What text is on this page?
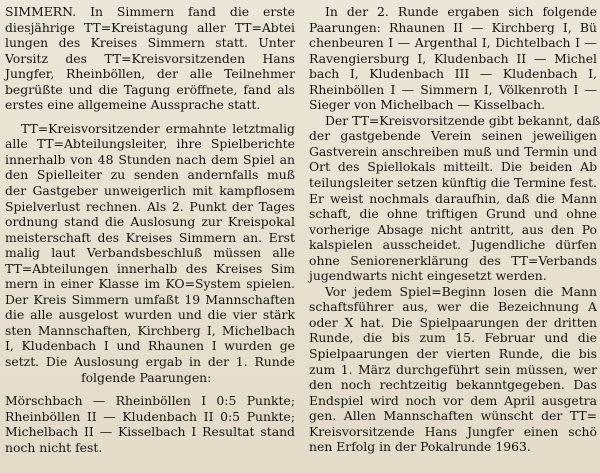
SIMMERN. In Simmern fand die erste
diesjährige TT=Kreistagung aller TT=Abtei
lungen des Kreises Simmern statt. Unter
Vorsitz des TT=Kreisvorsitzenden Hans
Jungfer, Rheinböllen, der alle Teilnehmer
begrüßte und die Tagung eröffnete, fand als
erstes eine allgemeine Aussprache statt.
TT=Kreisvorsitzender ermahnte letztmalig
alle TT=Abteilungsleiter, ihre Spielberichte
innerhalb von 48 Stunden nach dem Spiel an
den Spielleiter zu senden andernfalls muß
der Gastgeber unweigerlich mit kampflosem
Spielverlust rechnen. Als 2. Punkt der Tages
ordnung stand die Auslosung zur Kreispokal
meisterschaft des Kreises Simmern an. Erst
malig laut Verbandsbeschluß müssen alle
TT=Abteilungen innerhalb des Kreises Sim
mern in einer Klasse im KO=System spielen.
Der Kreis Simmern umfaßt 19 Mannschaften
die alle ausgelost wurden und die vier stärk
sten Mannschaften, Kirchberg I, Michelbach
I, Kludenbach I und Rhaunen I wurden ge
setzt. Die Auslosung ergab in der 1. Runde
folgende Paarungen:
Mörschbach — Rheinböllen I 0:5 Punkte;
Rheinböllen II — Kludenbach II 0:5 Punkte;
Michelbach II — Kisselbach I Resultat stand
noch nicht fest.
In der 2. Runde ergaben sich folgende
Paarungen: Rhaunen II — Kirchberg I, Bü
chenbeuren I — Argenthal I, Dichtelbach I —
Ravengiersburg I, Kludenbach II — Michel
bach I, Kludenbach III — Kludenbach I,
Rheinböllen I — Simmern I, Völkenroth I —
Sieger von Michelbach — Kisselbach.
Der TT=Kreisvorsitzende gibt bekannt, daß
der gastgebende Verein seinen jeweiligen
Gastverein anschreiben muß und Termin und
Ort des Spiellokals mitteilt. Die beiden Ab
teilungsleiter setzen künftig die Termine fest.
Er weist nochmals daraufhin, daß die Mann
schaft, die ohne triftigen Grund und ohne
vorherige Absage nicht antritt, aus den Po
kalspielen ausscheidet. Jugendliche dürfen
ohne Seniorenerklärung des TT=Verbands
jugendwarts nicht eingesetzt werden.
Vor jedem Spiel=Beginn losen die Mann
schaftsführer aus, wer die Bezeichnung A
oder X hat. Die Spielpaarungen der dritten
Runde, die bis zum 15. Februar und die
Spielpaarungen der vierten Runde, die bis
zum 1. März durchgeführt sein müssen, wer
den noch rechtzeitig bekanntgegeben. Das
Endspiel wird noch vor dem April ausgetra
gen. Allen Mannschaften wünscht der TT=
Kreisvorsitzende Hans Jungfer einen schö
nen Erfolg in der Pokalrunde 1963.
